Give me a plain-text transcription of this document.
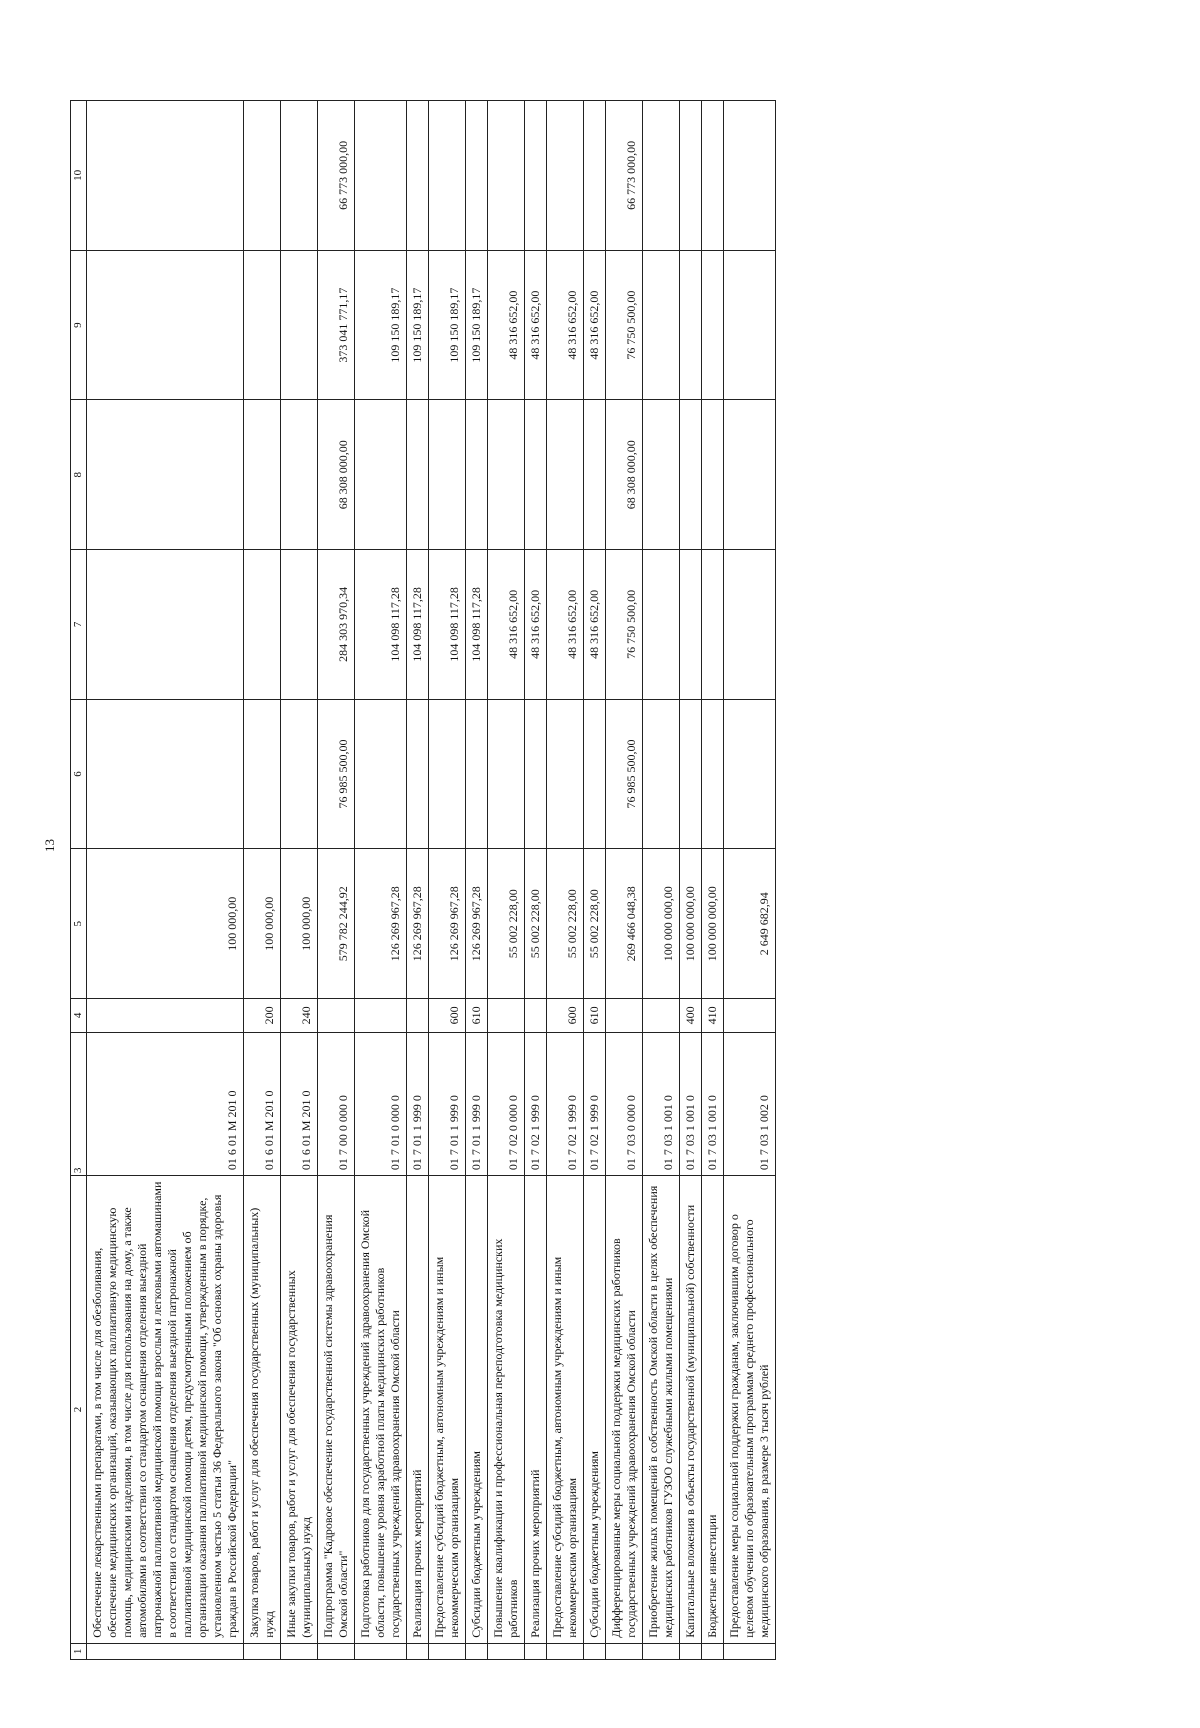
13
1	2	3	4	5	6	7	8	9	10
	Обеспечение лекарственными препаратами, в том числе для обезболивания, обеспечение медицинских организаций, оказывающих паллиативную медицинскую помощь, медицинскими изделиями, в том числе для использования на дому, а также автомобилями в соответствии со стандартом оснащения отделения выездной патронажной паллиативной медицинской помощи взрослым и легковыми автомашинами в соответствии со стандартом оснащения отделения выездной патронажной паллиативной медицинской помощи детям, предусмотренными положением об организации оказания паллиативной медицинской помощи, утвержденным в порядке, установленном частью 5 статьи 36 Федерального закона "Об основах охраны здоровья граждан в Российской Федерации"	01 6 01 M 201 0		100 000,00					
	Закупка товаров, работ и услуг для обеспечения государственных (муниципальных) нужд	01 6 01 M 201 0	200	100 000,00					
	Иные закупки товаров, работ и услуг для обеспечения государственных (муниципальных) нужд	01 6 01 M 201 0	240	100 000,00					
	Подпрограмма "Кадровое обеспечение государственной системы здравоохранения Омской области"	01 7 00 0 000 0		579 782 244,92	76 985 500,00	284 303 970,34	68 308 000,00	373 041 771,17	66 773 000,00
	Подготовка работников для государственных учреждений здравоохранения Омской области, повышение уровня заработной платы медицинских работников государственных учреждений здравоохранения Омской области	01 7 01 0 000 0		126 269 967,28		104 098 117,28		109 150 189,17	
	Реализация прочих мероприятий	01 7 01 1 999 0		126 269 967,28		104 098 117,28		109 150 189,17	
	Предоставление субсидий бюджетным, автономным учреждениям и иным некоммерческим организациям	01 7 01 1 999 0	600	126 269 967,28		104 098 117,28		109 150 189,17	
	Субсидии бюджетным учреждениям	01 7 01 1 999 0	610	126 269 967,28		104 098 117,28		109 150 189,17	
	Повышение квалификации и профессиональная переподготовка медицинских работников	01 7 02 0 000 0		55 002 228,00		48 316 652,00		48 316 652,00	
	Реализация прочих мероприятий	01 7 02 1 999 0		55 002 228,00		48 316 652,00		48 316 652,00	
	Предоставление субсидий бюджетным, автономным учреждениям и иным некоммерческим организациям	01 7 02 1 999 0	600	55 002 228,00		48 316 652,00		48 316 652,00	
	Субсидии бюджетным учреждениям	01 7 02 1 999 0	610	55 002 228,00		48 316 652,00		48 316 652,00	
	Дифференцированные меры социальной поддержки медицинских работников государственных учреждений здравоохранения Омской области	01 7 03 0 000 0		269 466 048,38	76 985 500,00	76 750 500,00	68 308 000,00	76 750 500,00	66 773 000,00
	Приобретение жилых помещений в собственность Омской области в целях обеспечения медицинских работников ГУЗОО служебными жилыми помещениями	01 7 03 1 001 0		100 000 000,00					
	Капитальные вложения в объекты государственной (муниципальной) собственности	01 7 03 1 001 0	400	100 000 000,00					
	Бюджетные инвестиции	01 7 03 1 001 0	410	100 000 000,00					
	Предоставление меры социальной поддержки гражданам, заключившим договор о целевом обучении по образовательным программам среднего профессионального медицинского образования, в размере 3 тысяч рублей	01 7 03 1 002 0		2 649 682,94					
